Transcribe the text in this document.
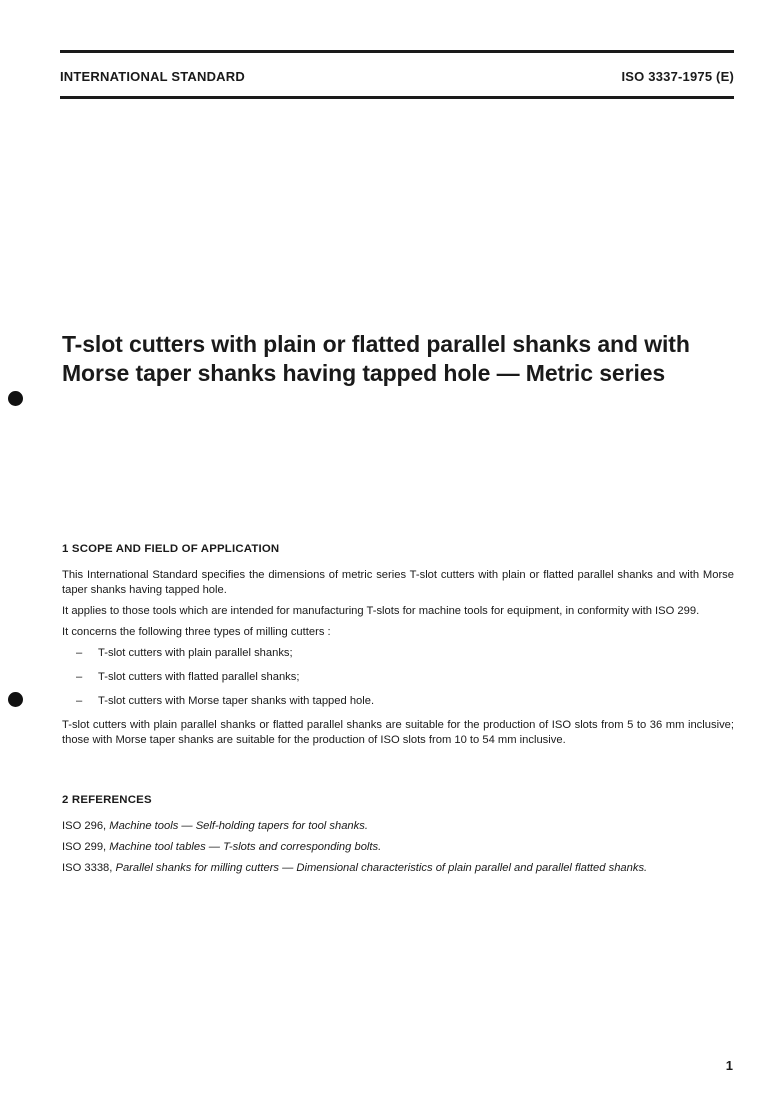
INTERNATIONAL STANDARD	ISO 3337-1975 (E)
T-slot cutters with plain or flatted parallel shanks and with
Morse taper shanks having tapped hole — Metric series
1 SCOPE AND FIELD OF APPLICATION

This International Standard specifies the dimensions of metric series T-slot cutters with plain or flatted parallel shanks and with Morse taper shanks having tapped hole.

It applies to those tools which are intended for manufacturing T-slots for machine tools for equipment, in conformity with ISO 299.

It concerns the following three types of milling cutters :

– T-slot cutters with plain parallel shanks;
– T-slot cutters with flatted parallel shanks;
– T-slot cutters with Morse taper shanks with tapped hole.

T-slot cutters with plain parallel shanks or flatted parallel shanks are suitable for the production of ISO slots from 5 to 36 mm inclusive; those with Morse taper shanks are suitable for the production of ISO slots from 10 to 54 mm inclusive.

2 REFERENCES
ISO 296, Machine tools — Self-holding tapers for tool shanks.
ISO 299, Machine tool tables — T-slots and corresponding bolts.
ISO 3338, Parallel shanks for milling cutters — Dimensional characteristics of plain parallel and parallel flatted shanks.
1
